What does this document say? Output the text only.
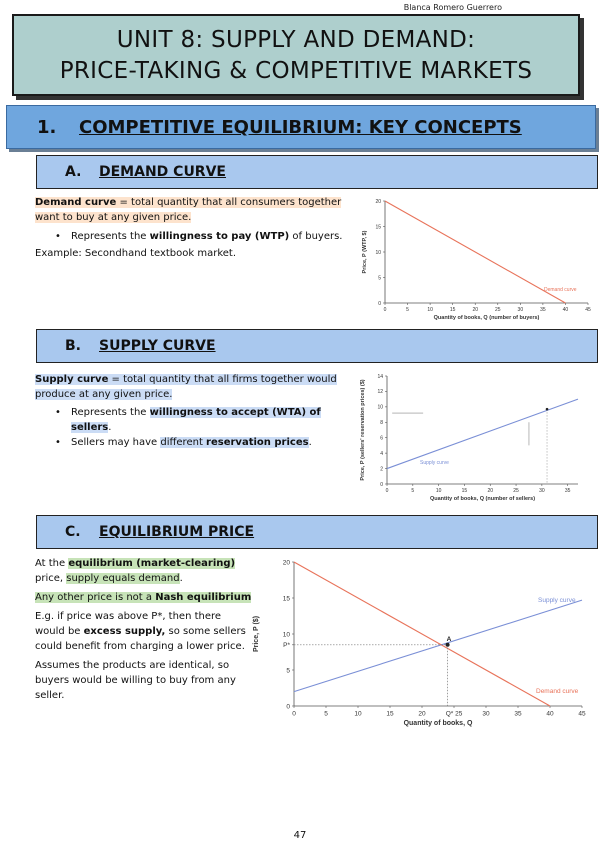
Blanca Romero Guerrero
UNIT 8: SUPPLY AND DEMAND:
PRICE-TAKING & COMPETITIVE MARKETS
1. COMPETITIVE EQUILIBRIUM: KEY CONCEPTS
A. DEMAND CURVE

Demand curve = total quantity that all consumers together want to buy at any given price.

• Represents the willingness to pay (WTP) of buyers.

Example: Secondhand textbook market.

0	5	10	15	20	25	30	35	40	45
0
5
10
15
20
Quantity of books, Q (number of buyers)
Price, P (WTP, $)
Demand curve
B. SUPPLY CURVE

Supply curve = total quantity that all firms together would produce at any given price.

• Represents the willingness to accept (WTA) of sellers.
• Sellers may have different reservation prices.
0	5	10	15	20	25	30	35
0
2
4
6
8
10
12
14
Quantity of books, Q (number of sellers)
Price, P (sellers' reservation prices) ($)	Supply curve
C. EQUILIBRIUM PRICE

At the equilibrium (market-clearing) price, supply equals demand.

Any other price is not a Nash equilibrium

E.g. if price was above P*, then there would be excess supply, so some sellers could benefit from charging a lower price.

Assumes the products are identical, so buyers would be willing to buy from any seller.

0	5	10	15	20	Q* 25	30	35	40	45
0
5
10
P*
15
20
Quantity of books, Q
Price, P ($)
Supply curve
Demand curve
A
47
